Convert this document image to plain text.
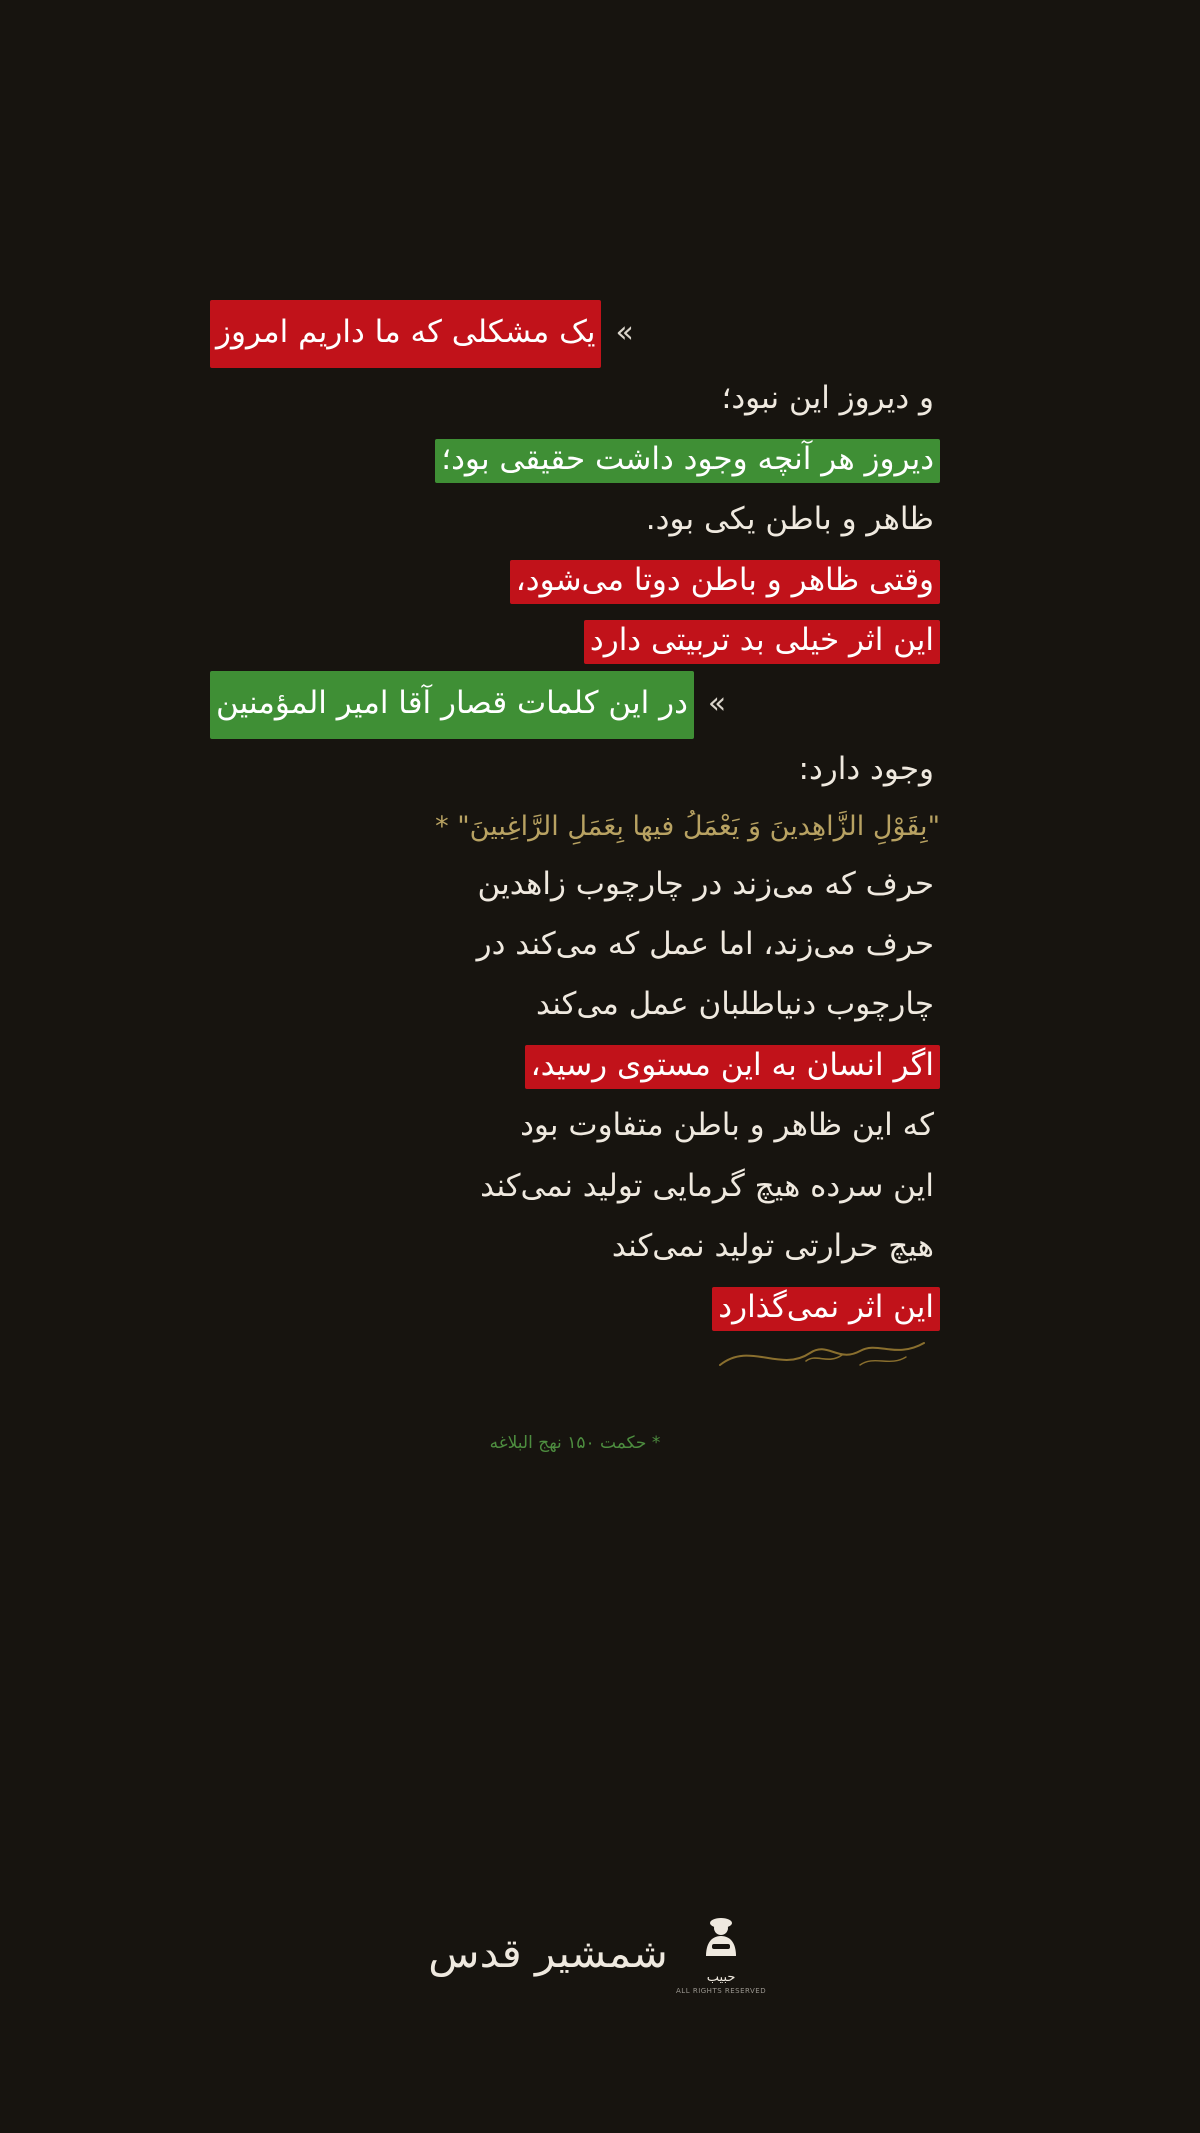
یک مشکلی که ما داریم امروز »
و دیروز این نبود؛
دیروز هر آنچه وجود داشت حقیقی بود؛
ظاهر و باطن یکی بود.
وقتی ظاهر و باطن دوتا می‌شود،
این اثر خیلی بد تربیتی دارد
در این کلمات قصار آقا امیر المؤمنین »
وجود دارد:
"بِقَوْلِ الزَّاهِدينَ وَ يَعْمَلُ فيها بِعَمَلِ الرَّاغِبينَ" *
حرف که می‌زند در چارچوب زاهدین
حرف می‌زند، اما عمل که می‌کند در
چارچوب دنیاطلبان عمل می‌کند
اگر انسان به این مستوی رسید،
که این ظاهر و باطن متفاوت بود
این سرده هیچ گرمایی تولید نمی‌کند
هیچ حرارتی تولید نمی‌کند
این اثر نمی‌گذارد
* حکمت ۱۵۰ نهج البلاغه
حبیب
ALL RIGHTS RESERVED
شمشیر قدس
